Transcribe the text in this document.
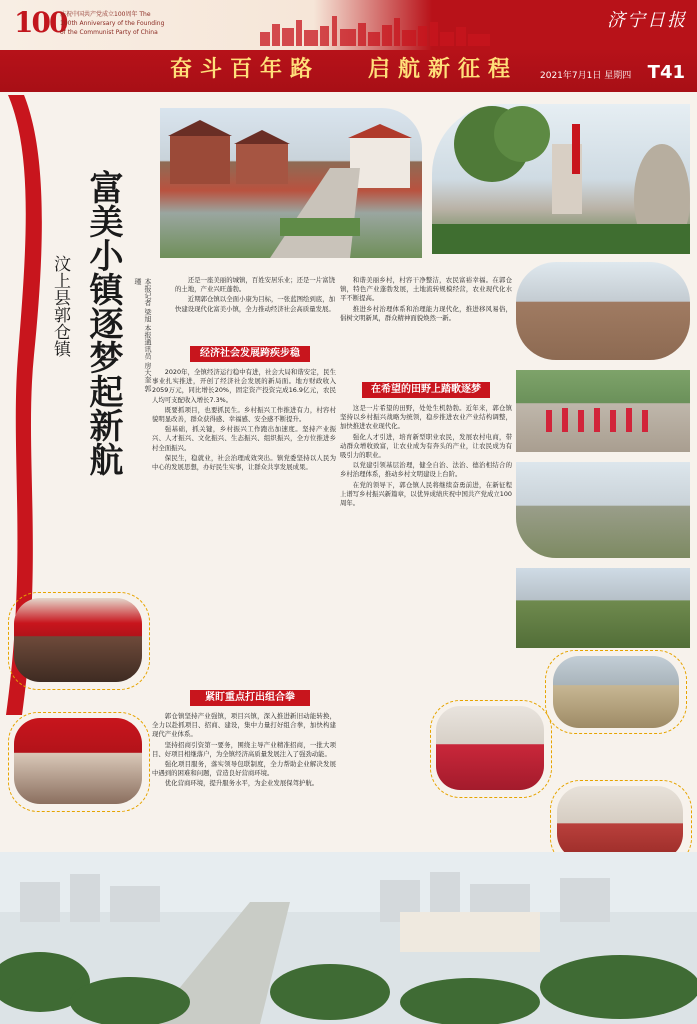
100
庆祝中国共产党成立100周年 The 100th Anniversary of the Founding of the Communist Party of China
济宁日报
奋斗百年路 启航新征程 2021年7月1日 星期四 T41
富美小镇逐梦起新航
汶上县郭仓镇	本报记者 梁旭 本报通讯员 房大奎 郭瑾	还是一座美丽的城镇，百姓安居乐业；还是一片富饶的土地，产业兴旺蓬勃。

近期郭仓镇以全面小康为目标，一张蓝图绘到底，加快建设现代化富美小镇，全力推动经济社会高质量发展。

经济社会发展跨疾步稳

2020年，全镇经济运行稳中有进，社会大局和谐安定，民生事业扎实推进，开创了经济社会发展的新局面。地方财政收入2059万元，同比增长20%，固定资产投资完成16.9亿元，农民人均可支配收入增长7.3%。

既要抓项目，也要抓民生。乡村振兴工作推进有力，村容村貌明显改善，群众获得感、幸福感、安全感不断提升。

强基础，抓关键，乡村振兴工作跑出加速度。坚持产业振兴、人才振兴、文化振兴、生态振兴、组织振兴，全方位推进乡村全面振兴。

保民生，稳就业，社会治理成效突出。镇党委坚持以人民为中心的发展思想，办好民生实事，让群众共享发展成果。

紧盯重点打出组合拳

郭仓镇坚持产业强镇，项目兴镇，深入推进新旧动能转换，全力以赴抓项目、招商、建设，集中力量打好组合拳，加快构建现代产业体系。

坚持招商引资第一要务，围绕主导产业精准招商，一批大项目、好项目相继落户，为全镇经济高质量发展注入了强劲动能。

强化项目服务，落实领导包联制度，全力帮助企业解决发展中遇到的困难和问题，营造良好营商环境。

优化营商环境，提升服务水平，为企业发展保驾护航。

和谐美丽乡村，村容干净整洁，农民富裕幸福。在郭仓镇，特色产业蓬勃发展，土地流转规模经营，农业现代化水平不断提高。

推进乡村治理体系和治理能力现代化，推进移风易俗，倡树文明新风，群众精神面貌焕然一新。

在希望的田野上踏歌逐梦

这是一片希望的田野，处处生机勃勃。近年来，郭仓镇坚持以乡村振兴战略为统领，稳步推进农业产业结构调整，加快推进农业现代化。

强化人才引进，培育新型职业农民，发展农村电商，带动群众增收致富，让农业成为有奔头的产业，让农民成为有吸引力的职业。

以党建引领基层治理，健全自治、法治、德治相结合的乡村治理体系，推动乡村文明建设上台阶。

在党的领导下，郭仓镇人民将继续奋勇前进，在新征程上谱写乡村振兴新篇章，以优异成绩庆祝中国共产党成立100周年。
